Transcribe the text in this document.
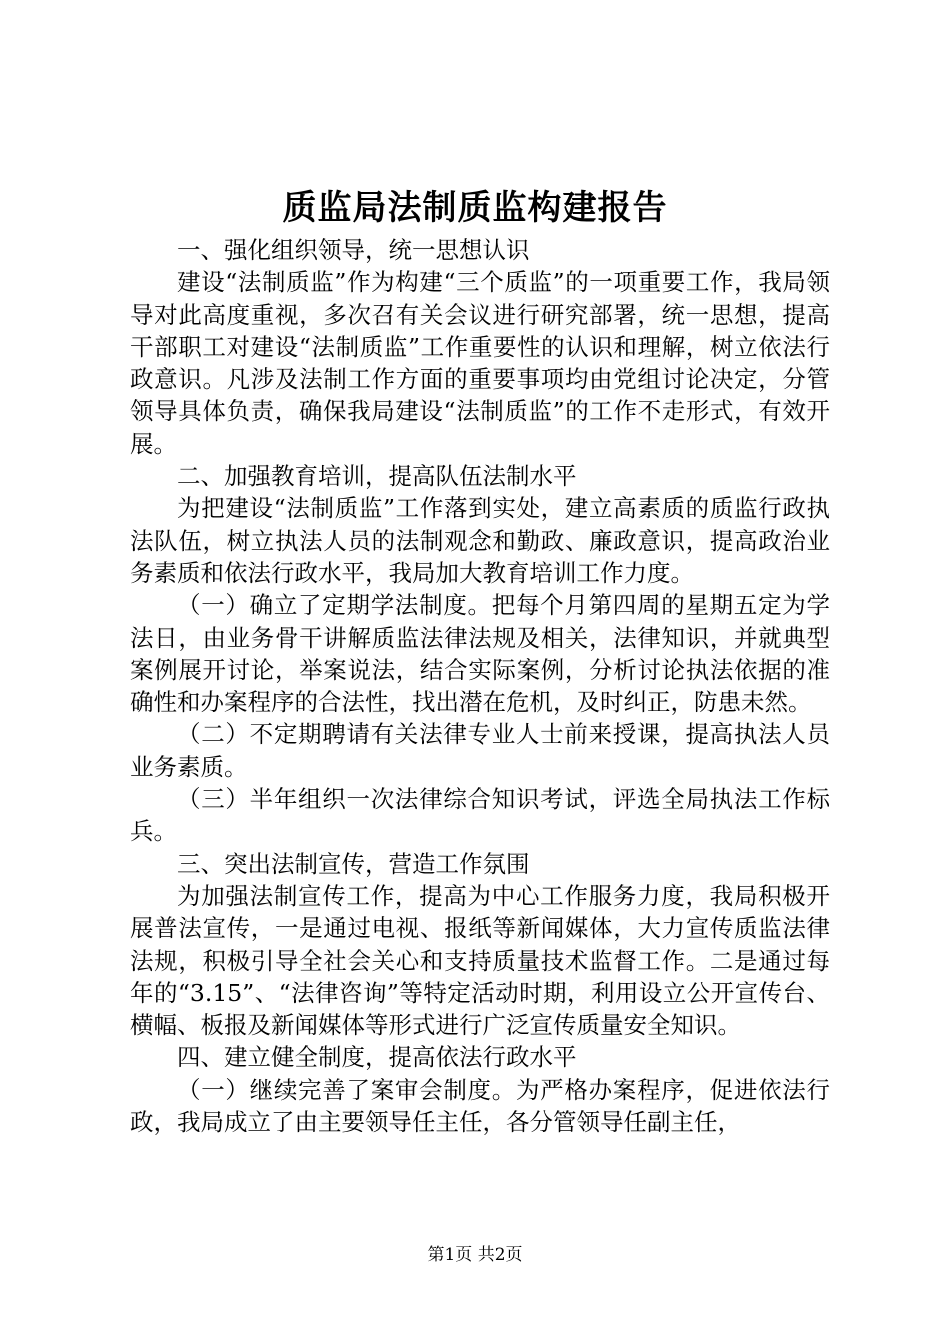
质监局法制质监构建报告

一、强化组织领导，统一思想认识

建设“法制质监”作为构建“三个质监”的一项重要工作，我局领导对此高度重视，多次召有关会议进行研究部署，统一思想，提高干部职工对建设“法制质监”工作重要性的认识和理解，树立依法行政意识。凡涉及法制工作方面的重要事项均由党组讨论决定，分管领导具体负责，确保我局建设“法制质监”的工作不走形式，有效开展。

二、加强教育培训，提高队伍法制水平

为把建设“法制质监”工作落到实处，建立高素质的质监行政执法队伍，树立执法人员的法制观念和勤政、廉政意识，提高政治业务素质和依法行政水平，我局加大教育培训工作力度。

（一）确立了定期学法制度。把每个月第四周的星期五定为学法日，由业务骨干讲解质监法律法规及相关，法律知识，并就典型案例展开讨论，举案说法，结合实际案例，分析讨论执法依据的准确性和办案程序的合法性，找出潜在危机，及时纠正，防患未然。

（二）不定期聘请有关法律专业人士前来授课，提高执法人员业务素质。

（三）半年组织一次法律综合知识考试，评选全局执法工作标兵。

三、突出法制宣传，营造工作氛围

为加强法制宣传工作，提高为中心工作服务力度，我局积极开展普法宣传，一是通过电视、报纸等新闻媒体，大力宣传质监法律法规，积极引导全社会关心和支持质量技术监督工作。二是通过每年的“3.15”、“法律咨询”等特定活动时期，利用设立公开宣传台、横幅、板报及新闻媒体等形式进行广泛宣传质量安全知识。

四、建立健全制度，提高依法行政水平

（一）继续完善了案审会制度。为严格办案程序，促进依法行政，我局成立了由主要领导任主任，各分管领导任副主任，

第1页 共2页
